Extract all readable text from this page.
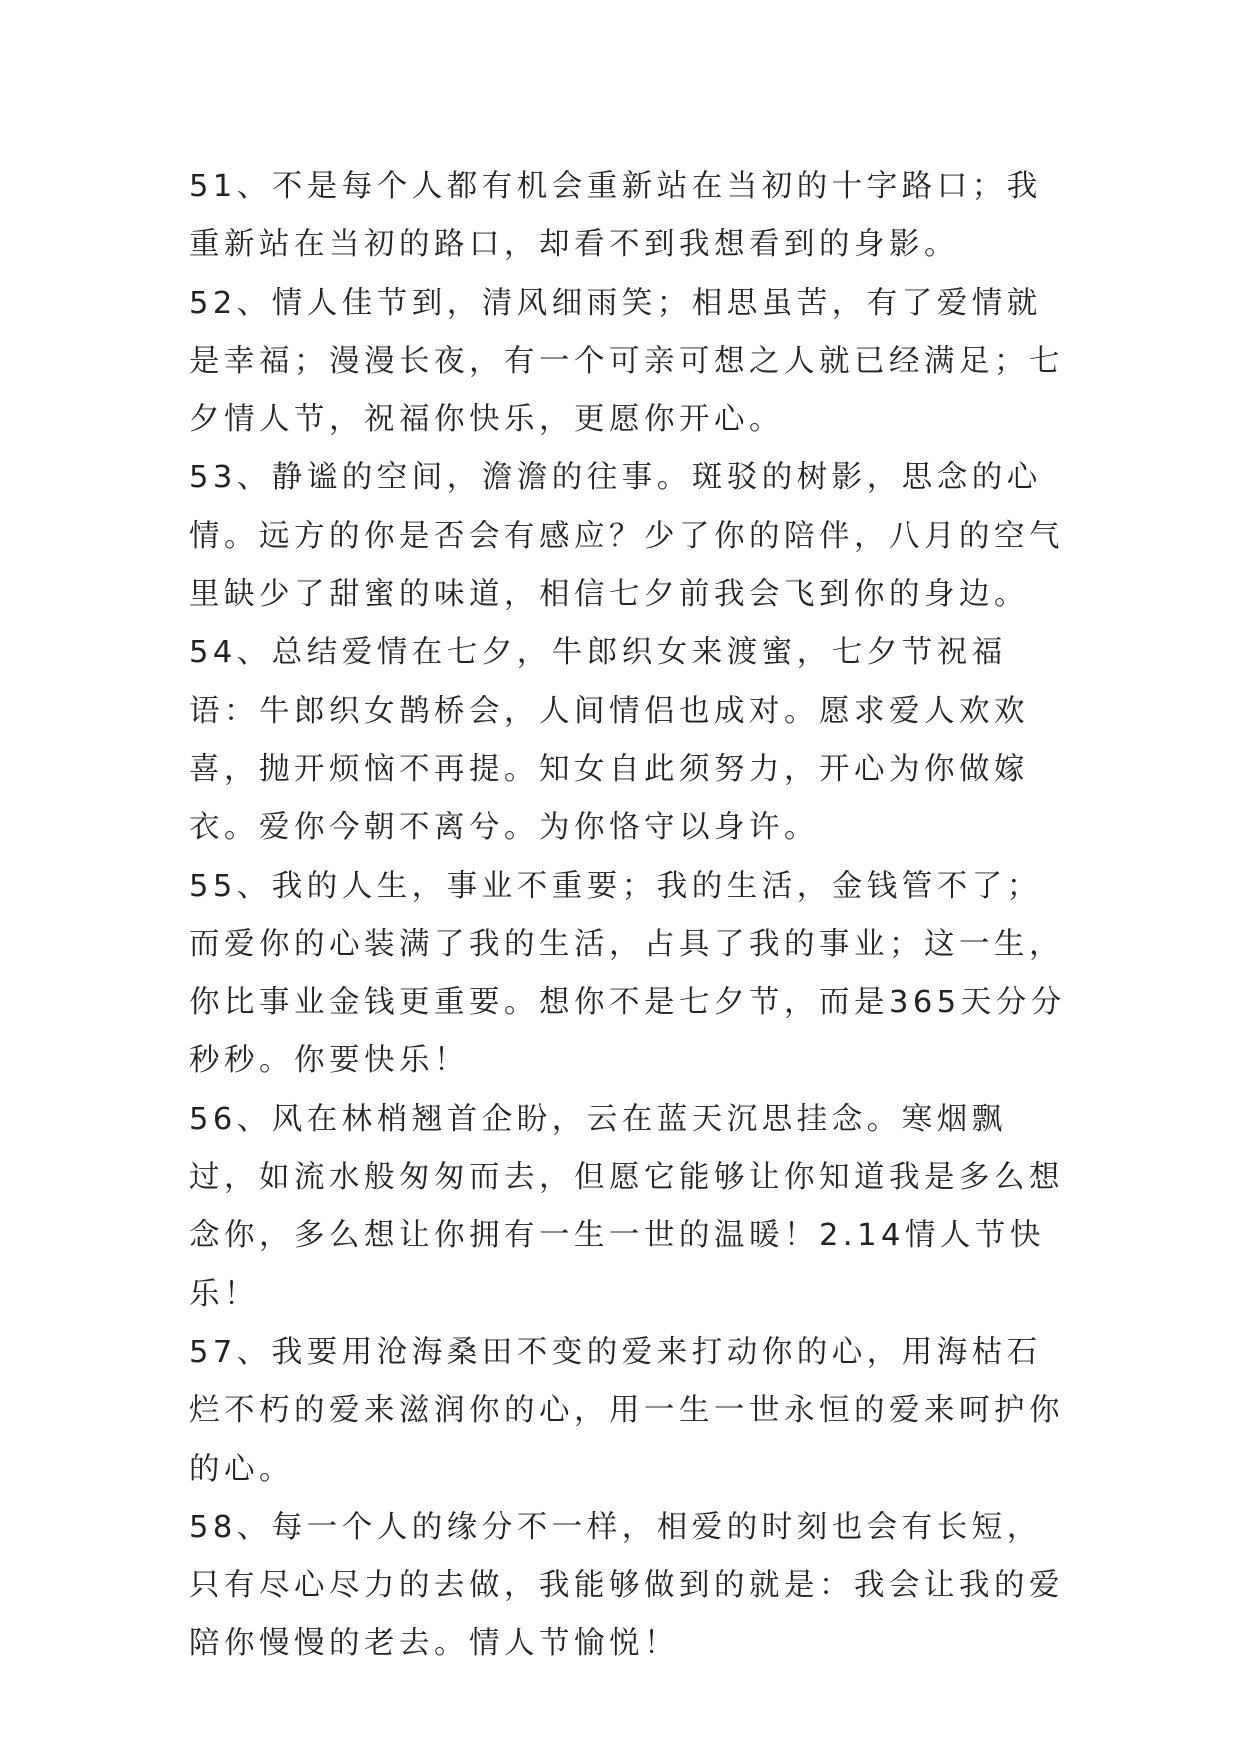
51、不是每个人都有机会重新站在当初的十字路口；我重新站在当初的路口，却看不到我想看到的身影。

52、情人佳节到，清风细雨笑；相思虽苦，有了爱情就是幸福；漫漫长夜，有一个可亲可想之人就已经满足；七夕情人节，祝福你快乐，更愿你开心。

53、静谧的空间，澹澹的往事。斑驳的树影，思念的心情。远方的你是否会有感应？少了你的陪伴，八月的空气里缺少了甜蜜的味道，相信七夕前我会飞到你的身边。

54、总结爱情在七夕，牛郎织女来渡蜜，七夕节祝福语：牛郎织女鹊桥会，人间情侣也成对。愿求爱人欢欢喜，抛开烦恼不再提。知女自此须努力，开心为你做嫁衣。爱你今朝不离兮。为你恪守以身许。

55、我的人生，事业不重要；我的生活，金钱管不了；而爱你的心装满了我的生活，占具了我的事业；这一生，你比事业金钱更重要。想你不是七夕节，而是365天分分秒秒。你要快乐！

56、风在林梢翘首企盼，云在蓝天沉思挂念。寒烟飘过，如流水般匆匆而去，但愿它能够让你知道我是多么想念你，多么想让你拥有一生一世的温暖！2.14情人节快乐！

57、我要用沧海桑田不变的爱来打动你的心，用海枯石烂不朽的爱来滋润你的心，用一生一世永恒的爱来呵护你的心。

58、每一个人的缘分不一样，相爱的时刻也会有长短，只有尽心尽力的去做，我能够做到的就是：我会让我的爱陪你慢慢的老去。情人节愉悦！
